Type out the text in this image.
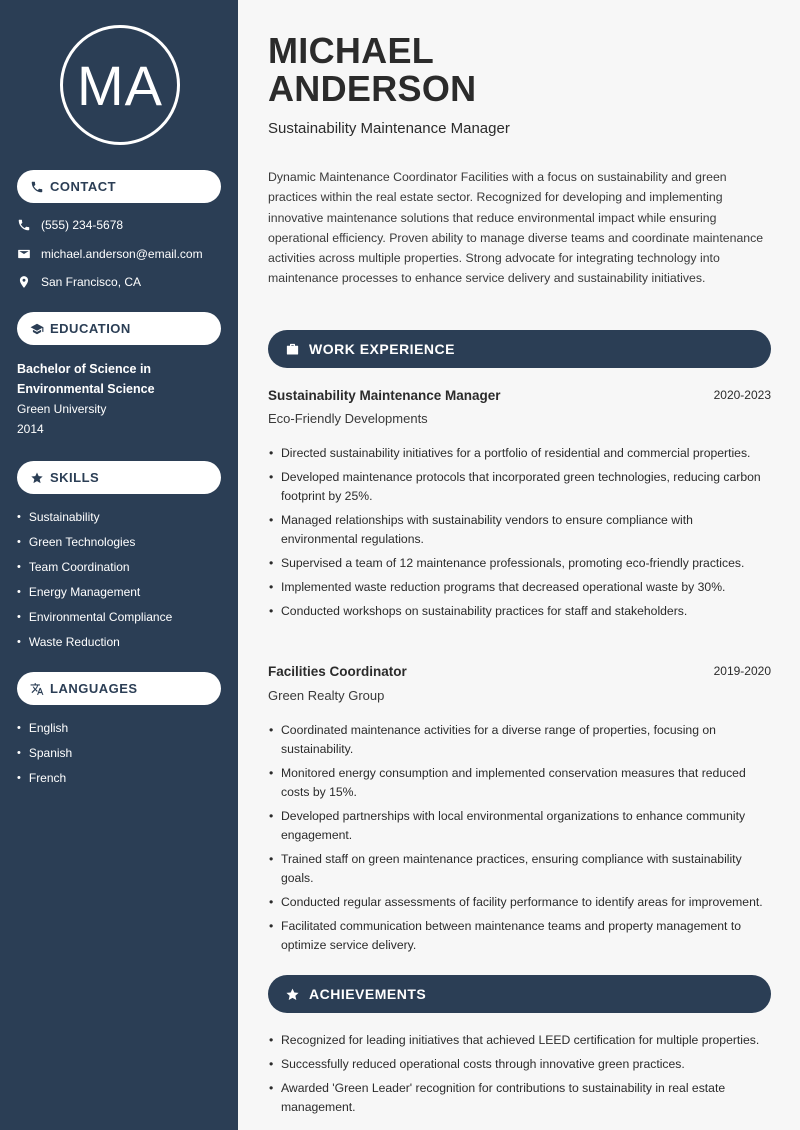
MA
CONTACT
(555) 234-5678
michael.anderson@email.com
San Francisco, CA
EDUCATION
Bachelor of Science in Environmental Science
Green University
2014
SKILLS
• Sustainability
• Green Technologies
• Team Coordination
• Energy Management
• Environmental Compliance
• Waste Reduction
LANGUAGES
• English
• Spanish
• French
MICHAEL
ANDERSON
Sustainability Maintenance Manager

Dynamic Maintenance Coordinator Facilities with a focus on sustainability and green practices within the real estate sector. Recognized for developing and implementing innovative maintenance solutions that reduce environmental impact while ensuring operational efficiency. Proven ability to manage diverse teams and coordinate maintenance activities across multiple properties. Strong advocate for integrating technology into maintenance processes to enhance service delivery and sustainability initiatives.

WORK EXPERIENCE
Sustainability Maintenance Manager	2020-2023
Eco-Friendly Developments
• Directed sustainability initiatives for a portfolio of residential and commercial properties.
• Developed maintenance protocols that incorporated green technologies, reducing carbon footprint by 25%.
• Managed relationships with sustainability vendors to ensure compliance with environmental regulations.
• Supervised a team of 12 maintenance professionals, promoting eco-friendly practices.
• Implemented waste reduction programs that decreased operational waste by 30%.
• Conducted workshops on sustainability practices for staff and stakeholders.
Facilities Coordinator	2019-2020
Green Realty Group
• Coordinated maintenance activities for a diverse range of properties, focusing on sustainability.
• Monitored energy consumption and implemented conservation measures that reduced costs by 15%.
• Developed partnerships with local environmental organizations to enhance community engagement.
• Trained staff on green maintenance practices, ensuring compliance with sustainability goals.
• Conducted regular assessments of facility performance to identify areas for improvement.
• Facilitated communication between maintenance teams and property management to optimize service delivery.
ACHIEVEMENTS
• Recognized for leading initiatives that achieved LEED certification for multiple properties.
• Successfully reduced operational costs through innovative green practices.
• Awarded 'Green Leader' recognition for contributions to sustainability in real estate management.
